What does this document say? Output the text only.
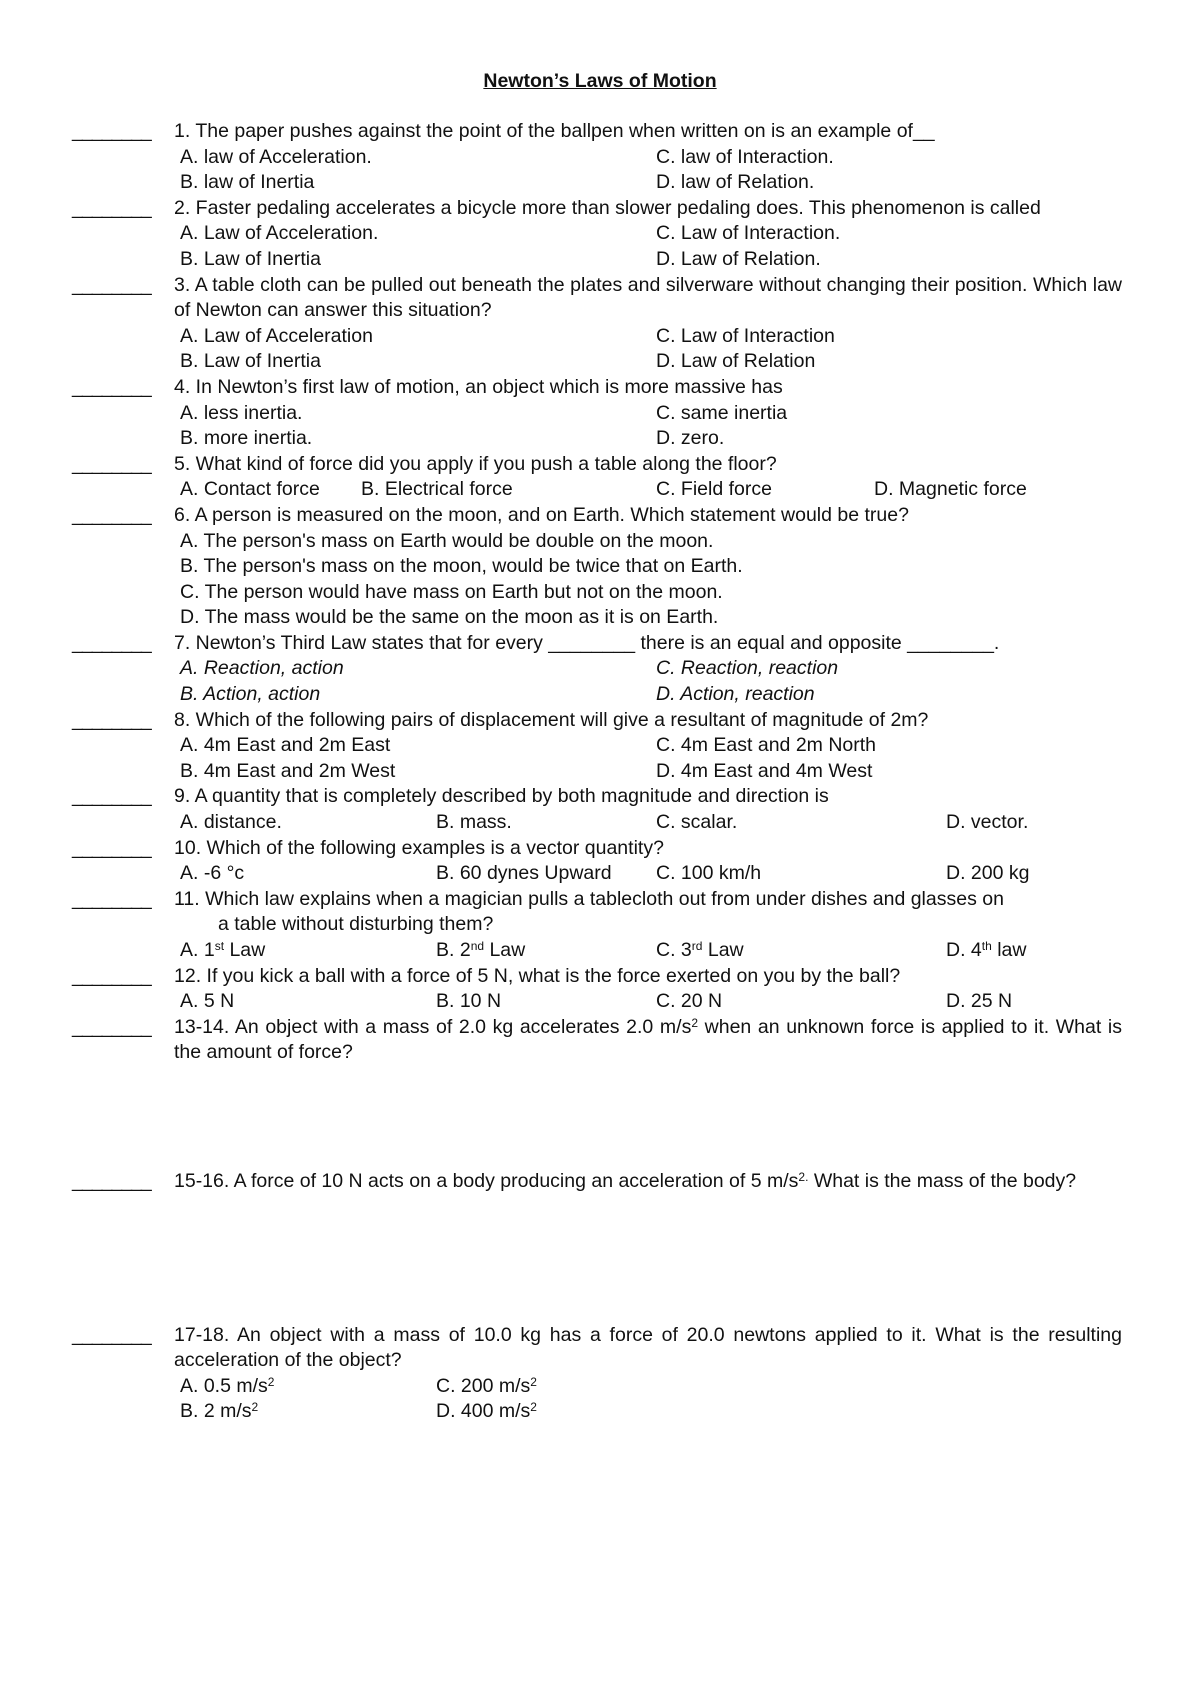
Newton’s Laws of Motion
________	1. The paper pushes against the point of the ballpen when written on is an example of__
A. law of Acceleration.	C. law of Interaction.
B. law of Inertia	D. law of Relation.
________	2. Faster pedaling accelerates a bicycle more than slower pedaling does. This phenomenon is called
A. Law of Acceleration.	C. Law of Interaction.
B. Law of Inertia	D. Law of Relation.
________	3. A table cloth can be pulled out beneath the plates and silverware without changing their position. Which law of Newton can answer this situation?
A. Law of Acceleration	C. Law of Interaction
B. Law of Inertia	D. Law of Relation
________	4. In Newton’s first law of motion, an object which is more massive has
A. less inertia.	C. same inertia
B. more inertia.	D. zero.
________	5. What kind of force did you apply if you push a table along the floor?
A. Contact force	B. Electrical force	C. Field force	D. Magnetic force
________	6. A person is measured on the moon, and on Earth. Which statement would be true?
A. The person's mass on Earth would be double on the moon.
B. The person's mass on the moon, would be twice that on Earth.
C. The person would have mass on Earth but not on the moon.
D. The mass would be the same on the moon as it is on Earth.
________	7. Newton’s Third Law states that for every ________ there is an equal and opposite ________.
A. Reaction, action	C. Reaction, reaction
B. Action, action	D. Action, reaction
________	8. Which of the following pairs of displacement will give a resultant of magnitude of 2m?
A. 4m East and 2m East	C. 4m East and 2m North
B. 4m East and 2m West	D. 4m East and 4m West
________	9. A quantity that is completely described by both magnitude and direction is
A. distance.	B. mass.	C. scalar.	D. vector.
________	10. Which of the following examples is a vector quantity?
A. -6 °c	B. 60 dynes Upward	C. 100 km/h	D. 200 kg
________	11. Which law explains when a magician pulls a tablecloth out from under dishes and glasses on
a table without disturbing them?
A. 1st Law	B. 2nd Law	C. 3rd Law	D. 4th law
________	12. If you kick a ball with a force of 5 N, what is the force exerted on you by the ball?
A. 5 N	B. 10 N	C. 20 N	D. 25 N
________	13-14. An object with a mass of 2.0 kg accelerates 2.0 $m/s^2$ when an unknown force is applied to it. What is the amount of force?
________	15-16. A force of 10 N acts on a body producing an acceleration of 5 $m/s^{2.}$ What is the mass of the body?
________	17-18. An object with a mass of 10.0 kg has a force of 20.0 newtons applied to it. What is the resulting acceleration of the object?
A. 0.5 $m/s^2$	C. 200 $m/s^2$
B. 2 $m/s^2$	D. 400 $m/s^2$
